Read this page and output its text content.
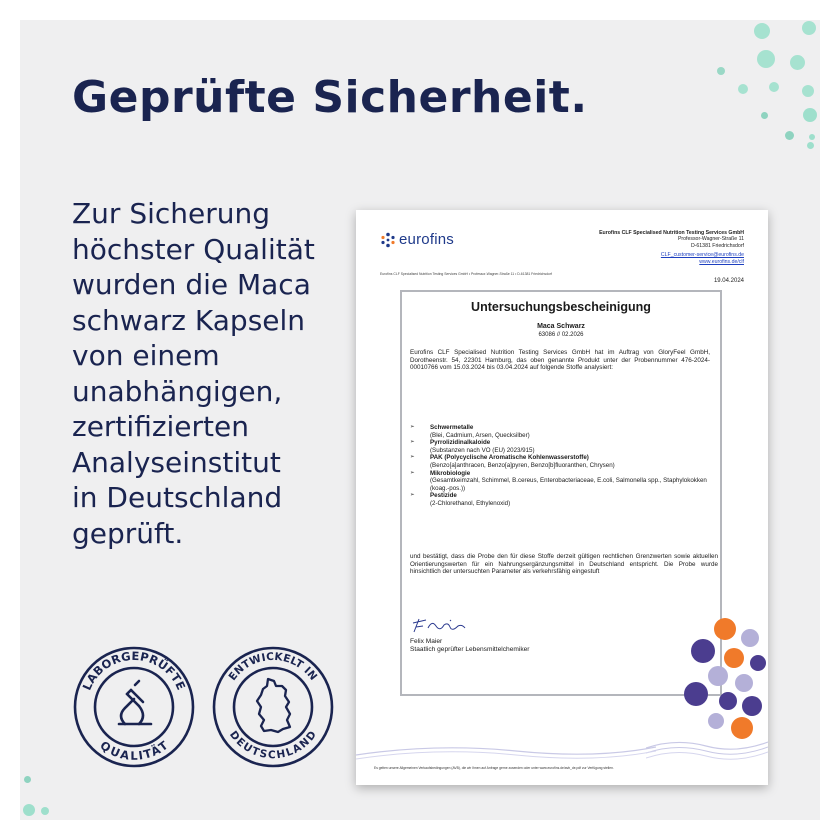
Geprüfte Sicherheit.
Zur Sicherung
höchster Qualität
wurden die Maca
schwarz Kapseln
von einem
unabhängigen,
zertifizierten
Analyseinstitut
in Deutschland
geprüft.
LABORGEPRÜFTE
QUALITÄT
ENTWICKELT IN
DEUTSCHLAND
eurofins	Eurofins CLF Specialised Nutrition Testing Services GmbH
Professor-Wagner-Straße 11
D-61381 Friedrichsdorf
CLF_customer-service@eurofins.de
www.eurofins.de/clf
Eurofins CLF Specialised Nutrition Testing Services GmbH • Professor-Wagner-Straße 11 • D-61381 Friedrichsdorf
19.04.2024
Untersuchungsbescheinigung
Maca Schwarz
63086 // 02.2026
Eurofins CLF Specialised Nutrition Testing Services GmbH hat im Auftrag von GloryFeel GmbH, Dorotheenstr. 54, 22301 Hamburg, das oben genannte Produkt unter der Probennummer 476-2024-00010766 vom 15.03.2024 bis 03.04.2024 auf folgende Stoffe analysiert:
➢	Schwermetalle
(Blei, Cadmium, Arsen, Quecksilber)
➢	Pyrrolizidinalkaloide
(Substanzen nach VO (EU) 2023/915)
➢	PAK (Polycyclische Aromatische Kohlenwasserstoffe)
(Benzo[a]anthracen, Benzo[a]pyren, Benzo[b]fluoranthen, Chrysen)
➢	Mikrobiologie
(Gesamtkeimzahl, Schimmel, B.cereus, Enterobacteriaceae, E.coli, Salmonella spp., Staphylokokken (koag.-pos.))
➢	Pestizide
(2-Chlorethanol, Ethylenoxid)
und bestätigt, dass die Probe den für diese Stoffe derzeit gültigen rechtlichen Grenzwerten sowie aktuellen Orientierungswerten für ein Nahrungsergänzungsmittel in Deutschland entspricht. Die Probe wurde hinsichtlich der untersuchten Parameter als verkehrsfähig eingestuft
Felix Maier
Staatlich geprüfter Lebensmittelchemiker
Es gelten unsere Allgemeinen Verkaufsbedingungen (AVB), die wir Ihnen auf Anfrage gerne zusenden oder unter www.eurofins.de/avb_de.pdf zur Verfügung stellen.
